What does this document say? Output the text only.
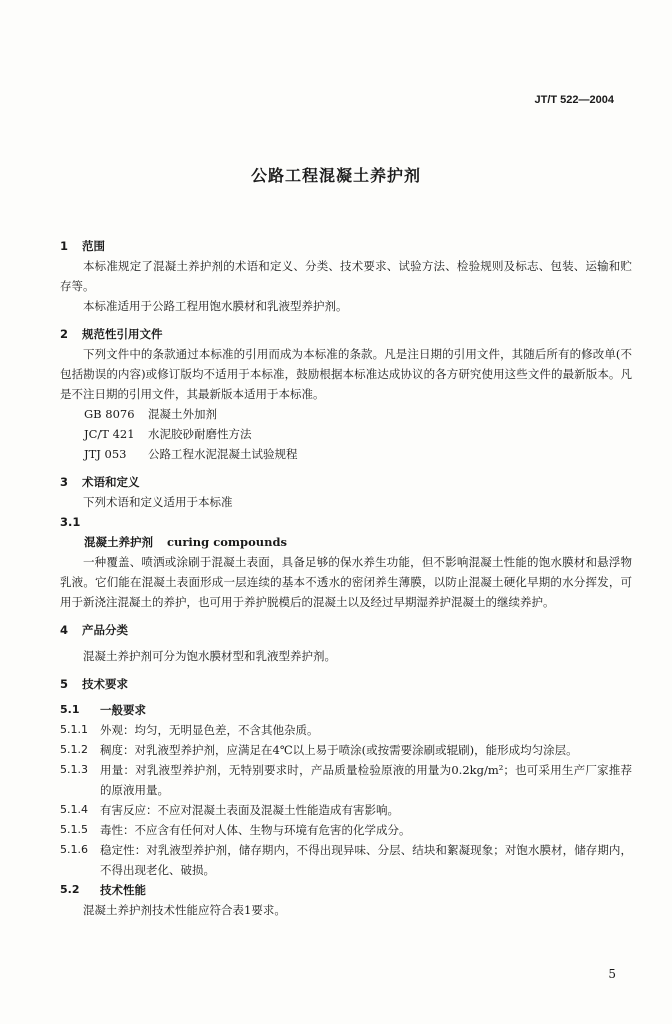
JT/T 522—2004
公路工程混凝土养护剂
1 范围
本标准规定了混凝土养护剂的术语和定义、分类、技术要求、试验方法、检验规则及标志、包装、运输和贮存等。
本标准适用于公路工程用饱水膜材和乳液型养护剂。
2 规范性引用文件
下列文件中的条款通过本标准的引用而成为本标准的条款。凡是注日期的引用文件，其随后所有的修改单(不包括勘误的内容)或修订版均不适用于本标准，鼓励根据本标准达成协议的各方研究使用这些文件的最新版本。凡是不注日期的引用文件，其最新版本适用于本标准。
GB 8076	混凝土外加剂
JC/T 421	水泥胶砂耐磨性方法
JTJ 053	公路工程水泥混凝土试验规程
3 术语和定义
下列术语和定义适用于本标准
3.1
混凝土养护剂 curing compounds
一种覆盖、喷洒或涂刷于混凝土表面，具备足够的保水养生功能，但不影响混凝土性能的饱水膜材和悬浮物乳液。它们能在混凝土表面形成一层连续的基本不透水的密闭养生薄膜，以防止混凝土硬化早期的水分挥发，可用于新浇注混凝土的养护，也可用于养护脱模后的混凝土以及经过早期湿养护混凝土的继续养护。
4 产品分类
混凝土养护剂可分为饱水膜材型和乳液型养护剂。
5 技术要求
5.1	一般要求
5.1.1	外观：均匀，无明显色差，不含其他杂质。
5.1.2	稠度：对乳液型养护剂，应满足在4℃以上易于喷涂(或按需要涂刷或辊刷)，能形成均匀涂层。
5.1.3	用量：对乳液型养护剂，无特别要求时，产品质量检验原液的用量为0.2kg/m²；也可采用生产厂家推荐的原液用量。
5.1.4	有害反应：不应对混凝土表面及混凝土性能造成有害影响。
5.1.5	毒性：不应含有任何对人体、生物与环境有危害的化学成分。
5.1.6	稳定性：对乳液型养护剂，储存期内，不得出现异味、分层、结块和絮凝现象；对饱水膜材，储存期内，不得出现老化、破损。
5.2	技术性能
混凝土养护剂技术性能应符合表1要求。
5
